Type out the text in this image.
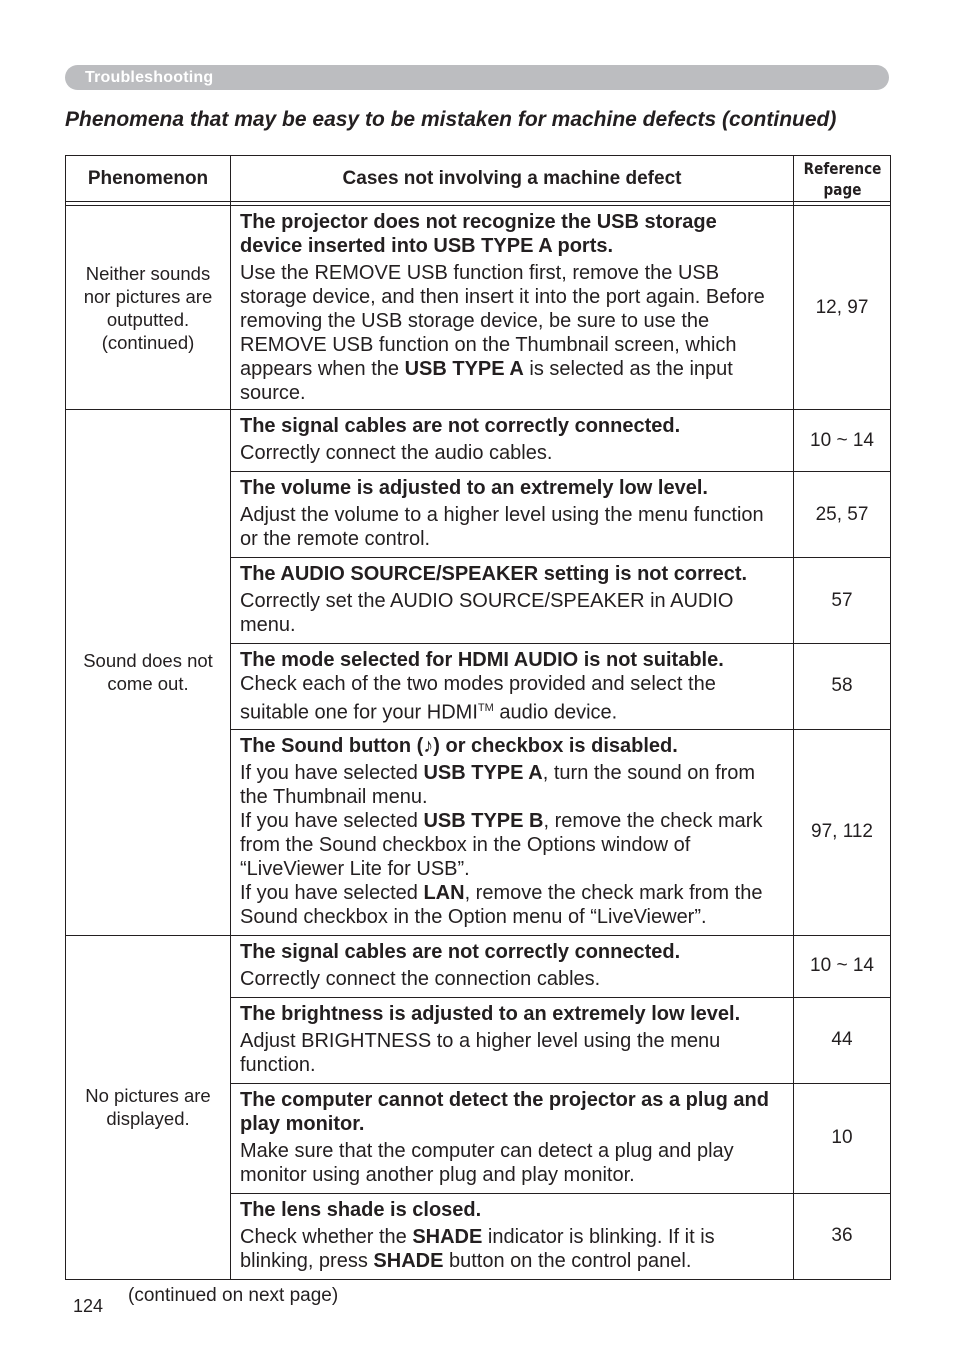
Troubleshooting
Phenomena that may be easy to be mistaken for machine defects (continued)
Phenomenon	Cases not involving a machine defect	Reference page

Neither sounds nor pictures are outputted. (continued)	The projector does not recognize the USB storage device inserted into USB TYPE A ports.
Use the REMOVE USB function first, remove the USB storage device, and then insert it into the port again. Before removing the USB storage device, be sure to use the REMOVE USB function on the Thumbnail screen, which appears when the USB TYPE A is selected as the input source.	12, 97
Sound does not come out.	The signal cables are not correctly connected.
Correctly connect the audio cables.	10 ~ 14

	The volume is adjusted to an extremely low level.
Adjust the volume to a higher level using the menu function or the remote control.	25, 57

	The AUDIO SOURCE/SPEAKER setting is not correct.
Correctly set the AUDIO SOURCE/SPEAKER in AUDIO menu.	57

	The mode selected for HDMI AUDIO is not suitable.
Check each of the two modes provided and select the suitable one for your HDMI™ audio device.	58

	The Sound button (♪) or checkbox is disabled.
If you have selected USB TYPE A, turn the sound on from the Thumbnail menu.
If you have selected USB TYPE B, remove the check mark from the Sound checkbox in the Options window of “LiveViewer Lite for USB”.
If you have selected LAN, remove the check mark from the Sound checkbox in the Option menu of “LiveViewer”.	97, 112
No pictures are displayed.	The signal cables are not correctly connected.
Correctly connect the connection cables.	10 ~ 14

	The brightness is adjusted to an extremely low level.
Adjust BRIGHTNESS to a higher level using the menu function.	44

	The computer cannot detect the projector as a plug and play monitor.
Make sure that the computer can detect a plug and play monitor using another plug and play monitor.	10

	The lens shade is closed.
Check whether the SHADE indicator is blinking. If it is blinking, press SHADE button on the control panel.	36
124 (continued on next page)
